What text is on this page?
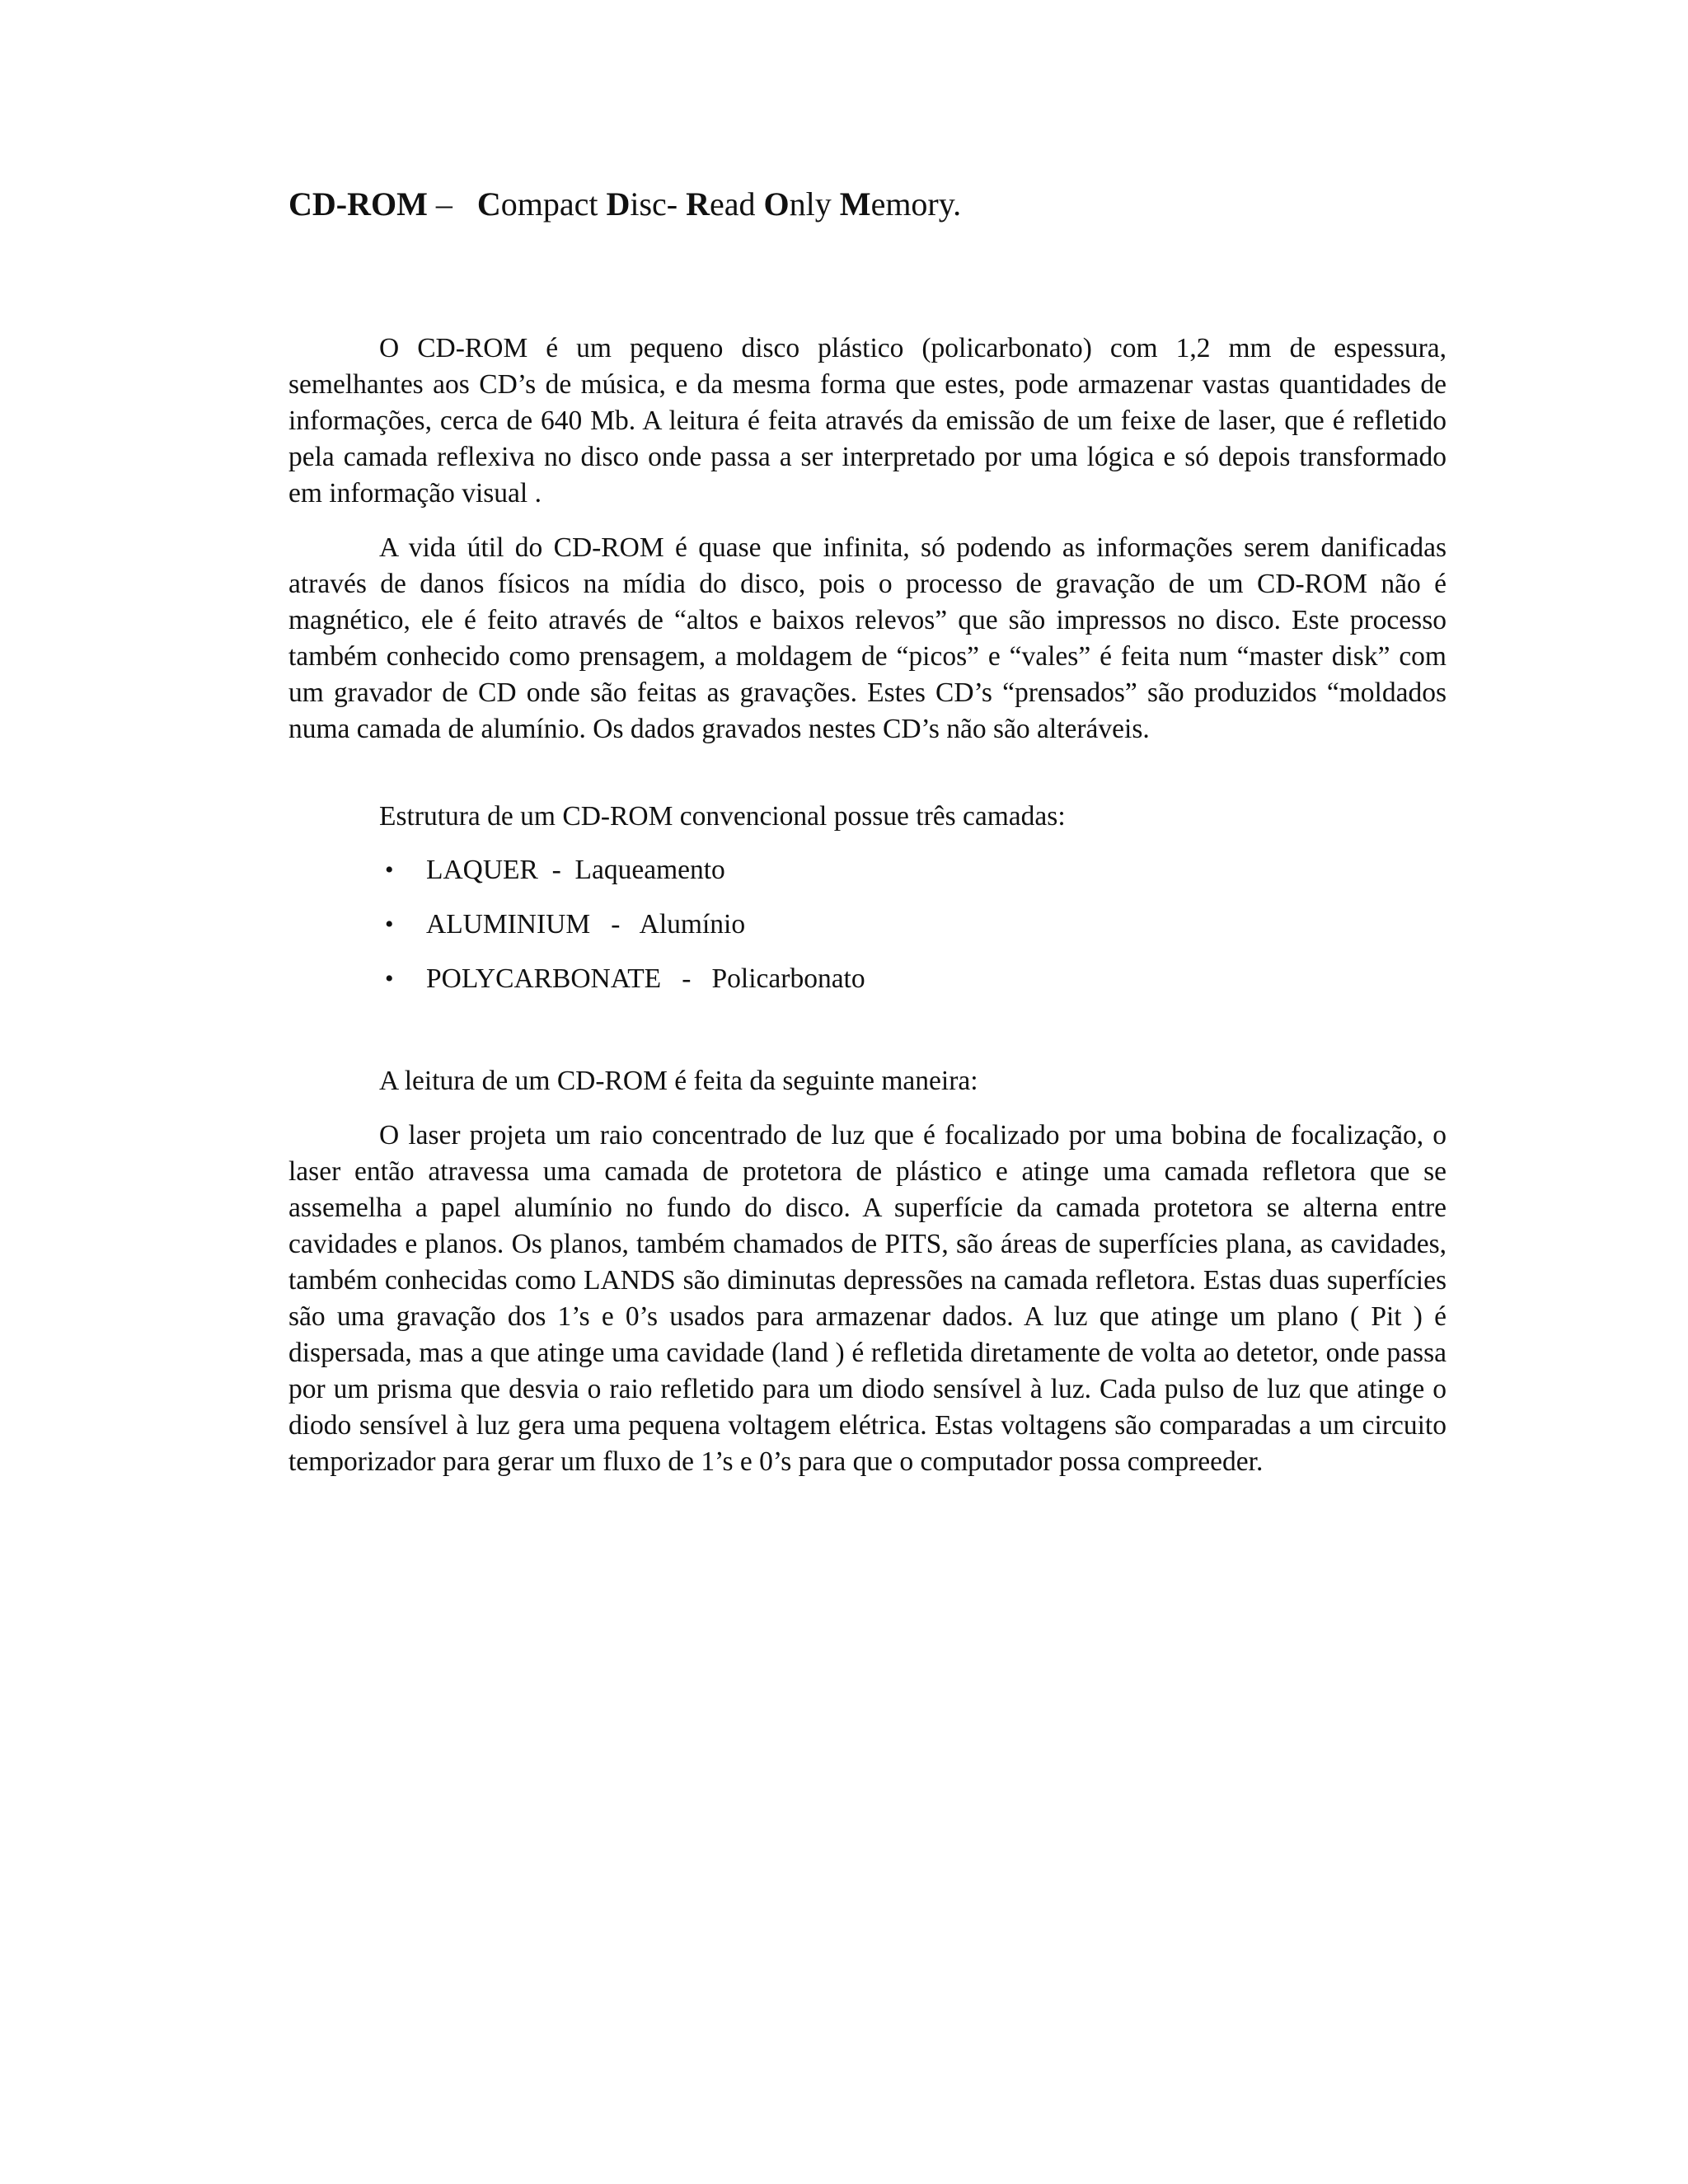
CD-ROM –   Compact Disc- Read Only Memory.

O CD-ROM é um pequeno disco plástico (policarbonato) com 1,2 mm de espessura, semelhantes aos CD’s de música, e da mesma forma que estes, pode armazenar vastas quantidades de informações, cerca de 640 Mb. A leitura é feita através da emissão de um feixe de laser, que é refletido pela camada reflexiva no disco onde passa a ser interpretado por uma lógica e só depois transformado em informação visual .

A vida útil do CD-ROM é quase que infinita, só podendo as informações serem danificadas através de danos físicos na mídia do disco, pois o processo de gravação de um CD-ROM não é magnético, ele é feito através de “altos e baixos relevos” que são impressos no disco. Este processo também conhecido como prensagem, a moldagem de “picos” e “vales” é feita num “master disk” com um gravador de CD onde são feitas as gravações. Estes CD’s “prensados” são produzidos “moldados numa camada de alumínio. Os dados gravados nestes CD’s não são alteráveis.

Estrutura de um CD-ROM convencional possue três camadas:

•

LAQUER  -  Laqueamento

•

ALUMINIUM   -   Alumínio

•

POLYCARBONATE   -   Policarbonato

A leitura de um CD-ROM é feita da seguinte maneira:

O laser projeta um raio concentrado de luz que é focalizado por uma bobina de focalização, o laser então atravessa uma camada de protetora de plástico e atinge uma camada refletora que se assemelha a papel alumínio no fundo do disco. A superfície da camada protetora se alterna entre cavidades e planos. Os planos, também chamados de PITS, são áreas de superfícies plana, as cavidades, também conhecidas como LANDS são diminutas depressões na camada refletora. Estas duas superfícies são uma gravação dos 1’s e 0’s usados para armazenar dados. A luz que atinge um plano ( Pit ) é dispersada, mas a que atinge uma cavidade (land ) é refletida diretamente de volta ao detetor, onde passa por um prisma que desvia o raio refletido para um diodo sensível à luz. Cada pulso de luz que atinge o diodo sensível à luz gera uma pequena voltagem elétrica. Estas voltagens são comparadas a um circuito temporizador para gerar um fluxo de 1’s e 0’s para que o computador possa compreeder.
